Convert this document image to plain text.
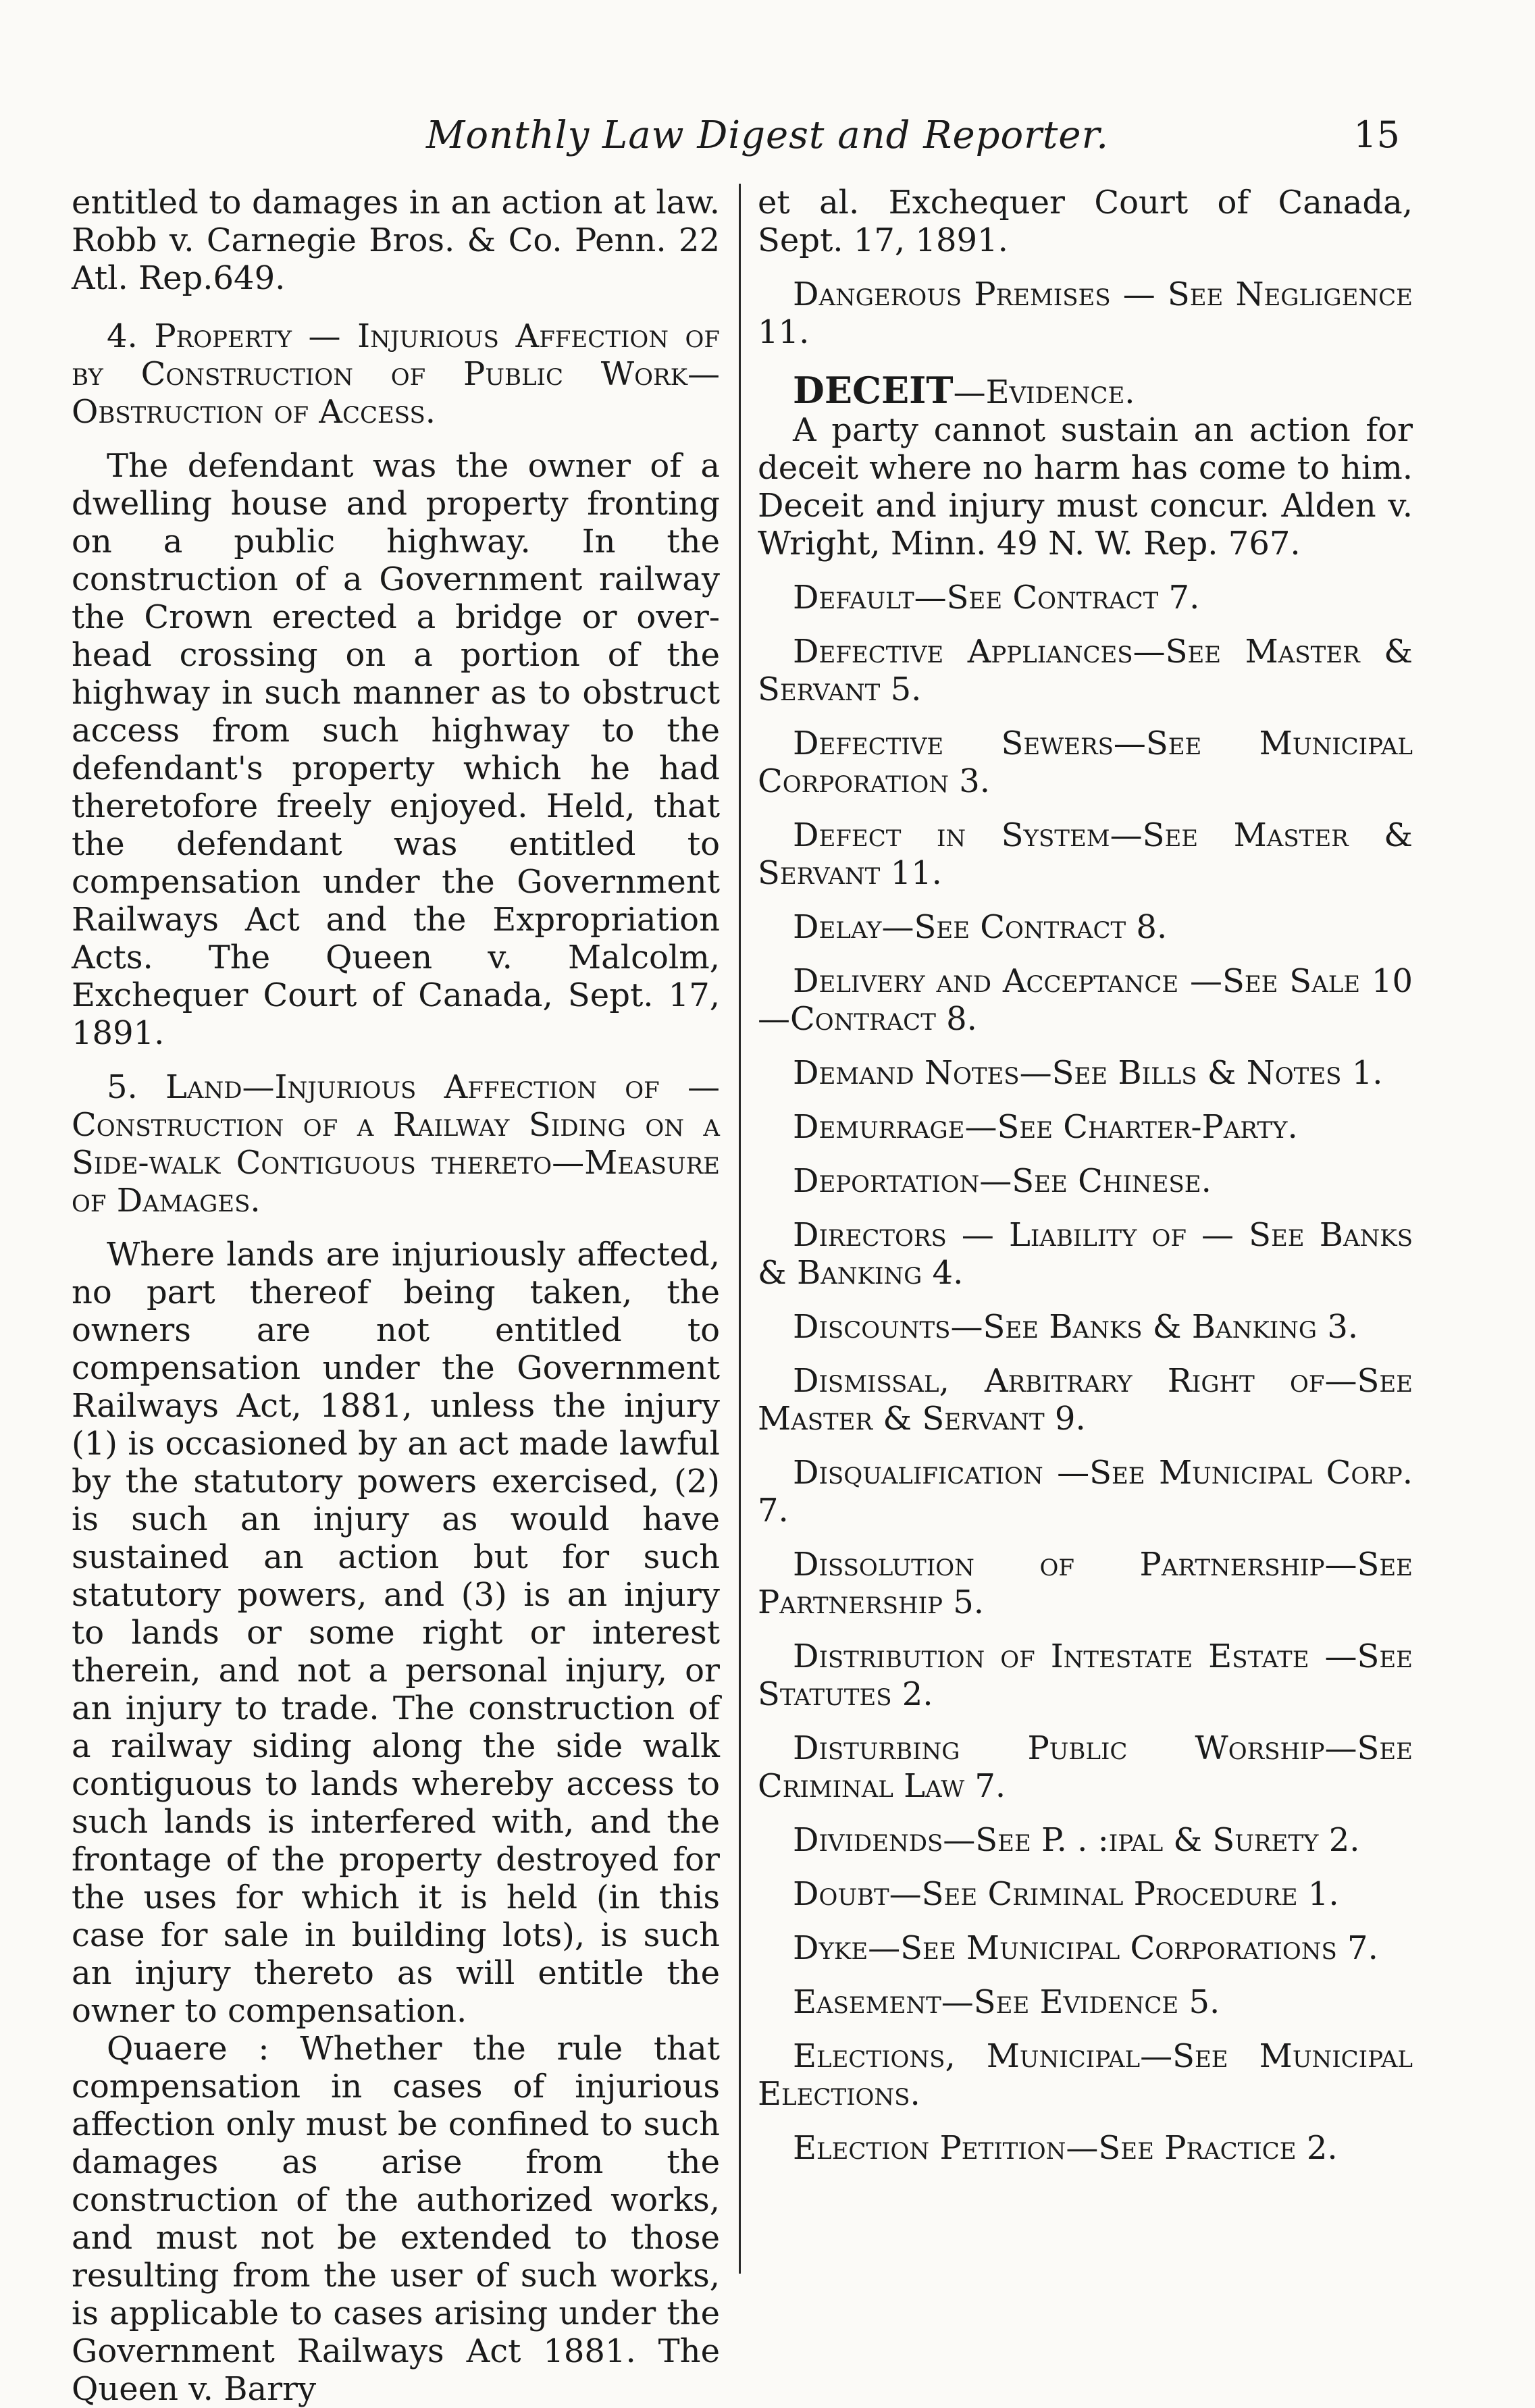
Monthly Law Digest and Reporter.	15

entitled to damages in an action at law. Robb v. Carnegie Bros. & Co. Penn. 22 Atl. Rep.649.

4. Property — Injurious Affection of by Construction of Public Work—Obstruction of Access.

The defendant was the owner of a dwelling house and property fronting on a public highway. In the construction of a Government railway the Crown erected a bridge or over-head crossing on a portion of the highway in such manner as to obstruct access from such highway to the defendant's property which he had theretofore freely enjoyed. Held, that the defendant was entitled to compensation under the Government Railways Act and the Expropriation Acts. The Queen v. Malcolm, Exchequer Court of Canada, Sept. 17, 1891.

5. Land—Injurious Affection of —Construction of a Railway Siding on a Side-walk Contiguous thereto—Measure of Damages.

Where lands are injuriously affected, no part thereof being taken, the owners are not entitled to compensation under the Government Railways Act, 1881, unless the injury (1) is occasioned by an act made lawful by the statutory powers exercised, (2) is such an injury as would have sustained an action but for such statutory powers, and (3) is an injury to lands or some right or interest therein, and not a personal injury, or an injury to trade. The construction of a railway siding along the side walk contiguous to lands whereby access to such lands is interfered with, and the frontage of the property destroyed for the uses for which it is held (in this case for sale in building lots), is such an injury thereto as will entitle the owner to compensation.

Quaere : Whether the rule that compensation in cases of injurious affection only must be confined to such damages as arise from the construction of the authorized works, and must not be extended to those resulting from the user of such works, is applicable to cases arising under the Government Railways Act 1881. The Queen v. Barry

et al. Exchequer Court of Canada, Sept. 17, 1891.

Dangerous Premises — See Negligence 11.

DECEIT—Evidence.

A party cannot sustain an action for deceit where no harm has come to him. Deceit and injury must concur. Alden v. Wright, Minn. 49 N. W. Rep. 767.

Default—See Contract 7.

Defective Appliances—See Master & Servant 5.

Defective Sewers—See Municipal Corporation 3.

Defect in System—See Master & Servant 11.

Delay—See Contract 8.

Delivery and Acceptance —See Sale 10—Contract 8.

Demand Notes—See Bills & Notes 1.

Demurrage—See Charter-Party.

Deportation—See Chinese.

Directors — Liability of — See Banks & Banking 4.

Discounts—See Banks & Banking 3.

Dismissal, Arbitrary Right of—See Master & Servant 9.

Disqualification —See Municipal Corp. 7.

Dissolution of Partnership—See Partnership 5.

Distribution of Intestate Estate —See Statutes 2.

Disturbing Public Worship—See Criminal Law 7.

Dividends—See P. . :ipal & Surety 2.

Doubt—See Criminal Procedure 1.

Dyke—See Municipal Corporations 7.

Easement—See Evidence 5.

Elections, Municipal—See Municipal Elections.

Election Petition—See Practice 2.
